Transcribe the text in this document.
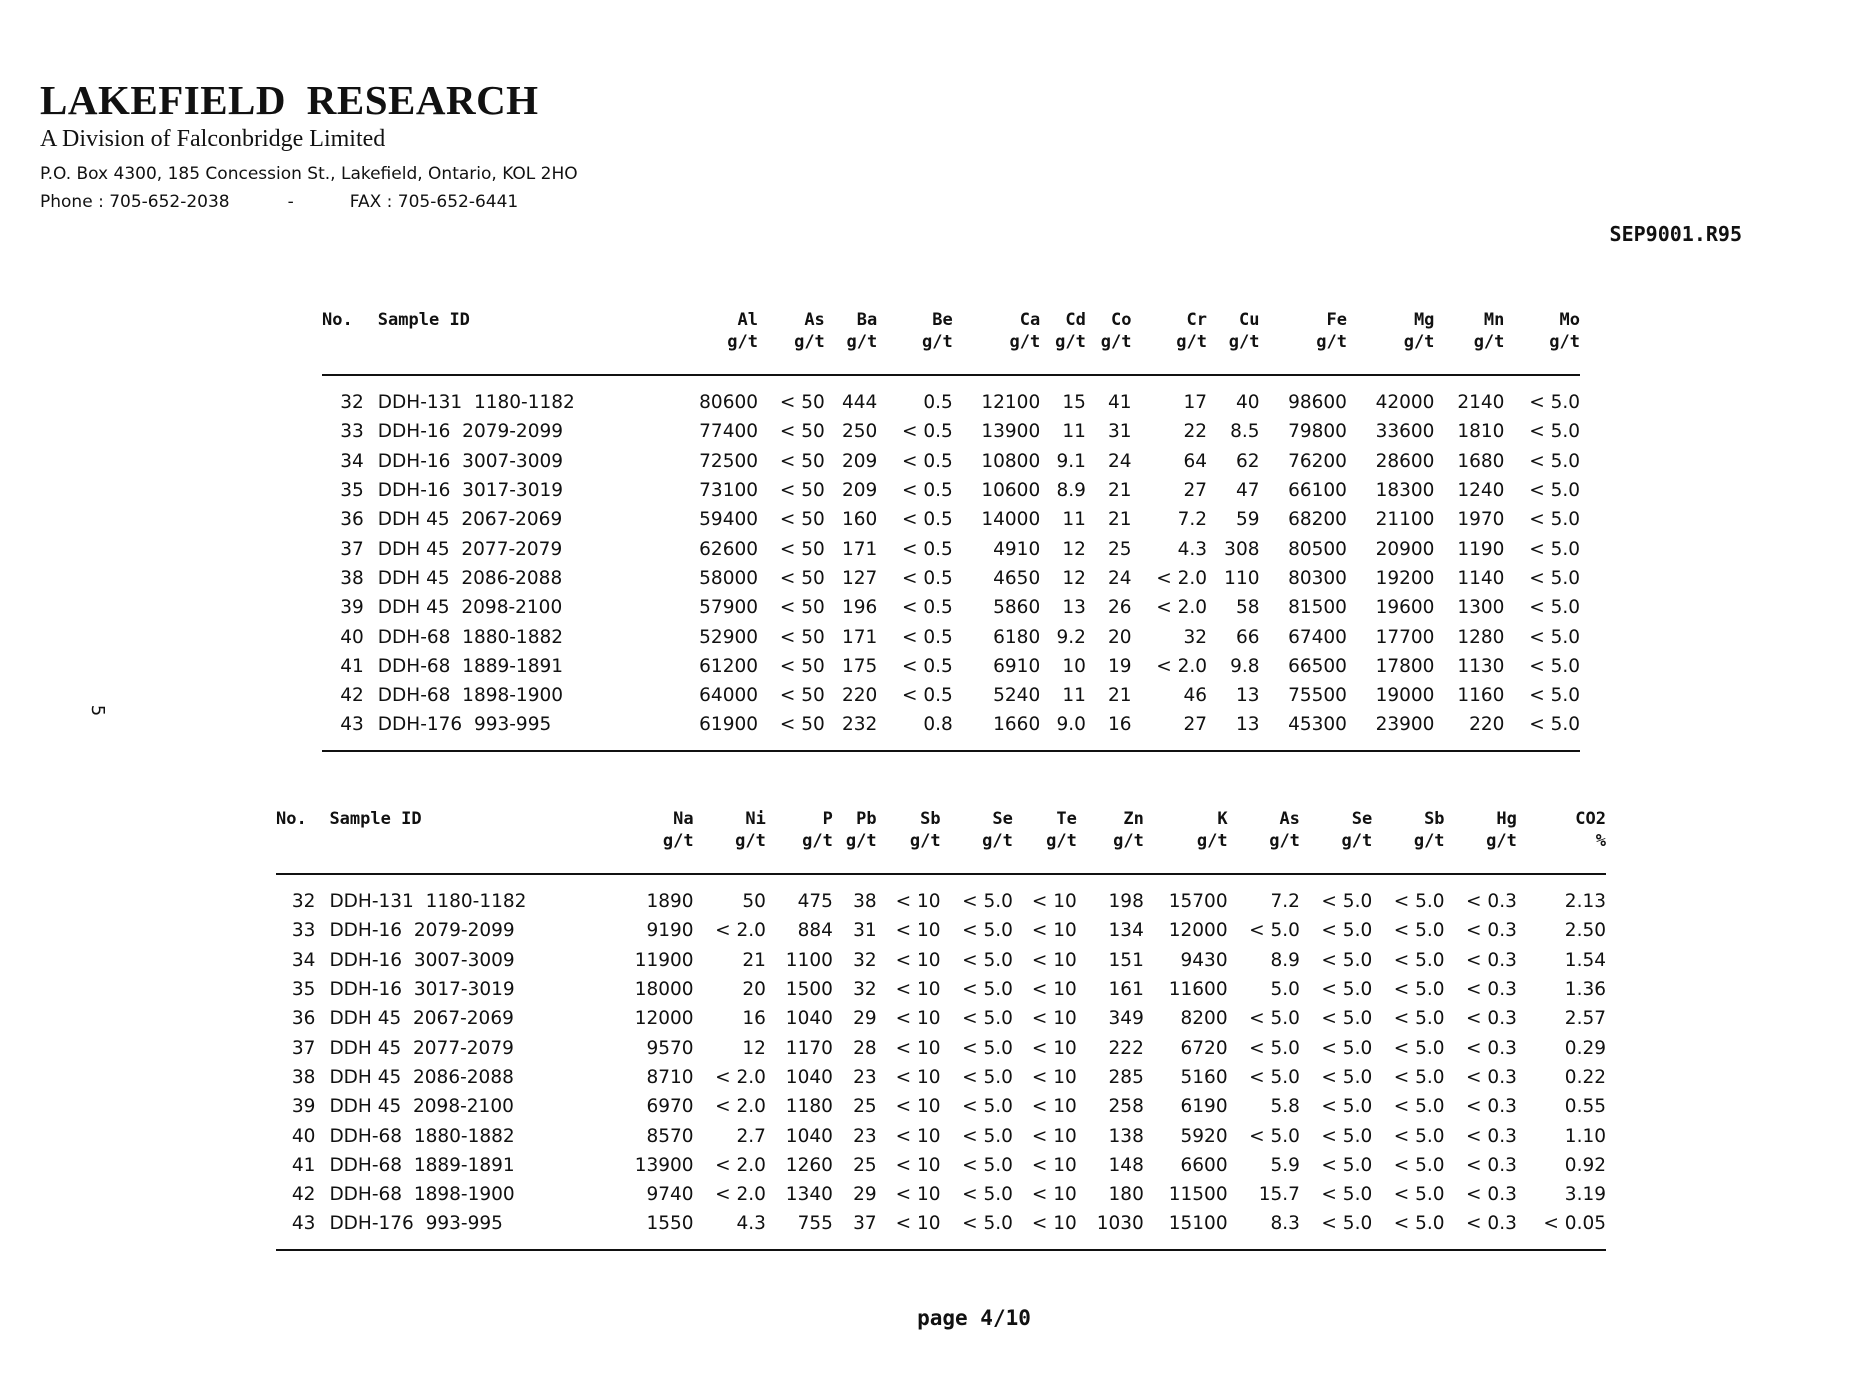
LAKEFIELD RESEARCH

A Division of Falconbridge Limited

P.O. Box 4300, 185 Concession St., Lakefield, Ontario, KOL 2HO
Phone : 705-652-2038	-	FAX : 705-652-6441
SEP9001.R95
5
No.	Sample ID	Al	As	Ba	Be	Ca	Cd	Co	Cr	Cu	Fe	Mg	Mn	Mo
		g/t	g/t	g/t	g/t	g/t	g/t	g/t	g/t	g/t	g/t	g/t	g/t	g/t
32	DDH-131  1180-1182	80600	< 50	444	0.5	12100	15	41	17	40	98600	42000	2140	< 5.0
33	DDH-16  2079-2099	77400	< 50	250	< 0.5	13900	11	31	22	8.5	79800	33600	1810	< 5.0
34	DDH-16  3007-3009	72500	< 50	209	< 0.5	10800	9.1	24	64	62	76200	28600	1680	< 5.0
35	DDH-16  3017-3019	73100	< 50	209	< 0.5	10600	8.9	21	27	47	66100	18300	1240	< 5.0
36	DDH 45  2067-2069	59400	< 50	160	< 0.5	14000	11	21	7.2	59	68200	21100	1970	< 5.0
37	DDH 45  2077-2079	62600	< 50	171	< 0.5	4910	12	25	4.3	308	80500	20900	1190	< 5.0
38	DDH 45  2086-2088	58000	< 50	127	< 0.5	4650	12	24	< 2.0	110	80300	19200	1140	< 5.0
39	DDH 45  2098-2100	57900	< 50	196	< 0.5	5860	13	26	< 2.0	58	81500	19600	1300	< 5.0
40	DDH-68  1880-1882	52900	< 50	171	< 0.5	6180	9.2	20	32	66	67400	17700	1280	< 5.0
41	DDH-68  1889-1891	61200	< 50	175	< 0.5	6910	10	19	< 2.0	9.8	66500	17800	1130	< 5.0
42	DDH-68  1898-1900	64000	< 50	220	< 0.5	5240	11	21	46	13	75500	19000	1160	< 5.0
43	DDH-176  993-995	61900	< 50	232	0.8	1660	9.0	16	27	13	45300	23900	220	< 5.0
No.	Sample ID	Na	Ni	P	Pb	Sb	Se	Te	Zn	K	As	Se	Sb	Hg	CO2
		g/t	g/t	g/t	g/t	g/t	g/t	g/t	g/t	g/t	g/t	g/t	g/t	g/t	%
32	DDH-131  1180-1182	1890	50	475	38	< 10	< 5.0	< 10	198	15700	7.2	< 5.0	< 5.0	< 0.3	2.13
33	DDH-16  2079-2099	9190	< 2.0	884	31	< 10	< 5.0	< 10	134	12000	< 5.0	< 5.0	< 5.0	< 0.3	2.50
34	DDH-16  3007-3009	11900	21	1100	32	< 10	< 5.0	< 10	151	9430	8.9	< 5.0	< 5.0	< 0.3	1.54
35	DDH-16  3017-3019	18000	20	1500	32	< 10	< 5.0	< 10	161	11600	5.0	< 5.0	< 5.0	< 0.3	1.36
36	DDH 45  2067-2069	12000	16	1040	29	< 10	< 5.0	< 10	349	8200	< 5.0	< 5.0	< 5.0	< 0.3	2.57
37	DDH 45  2077-2079	9570	12	1170	28	< 10	< 5.0	< 10	222	6720	< 5.0	< 5.0	< 5.0	< 0.3	0.29
38	DDH 45  2086-2088	8710	< 2.0	1040	23	< 10	< 5.0	< 10	285	5160	< 5.0	< 5.0	< 5.0	< 0.3	0.22
39	DDH 45  2098-2100	6970	< 2.0	1180	25	< 10	< 5.0	< 10	258	6190	5.8	< 5.0	< 5.0	< 0.3	0.55
40	DDH-68  1880-1882	8570	2.7	1040	23	< 10	< 5.0	< 10	138	5920	< 5.0	< 5.0	< 5.0	< 0.3	1.10
41	DDH-68  1889-1891	13900	< 2.0	1260	25	< 10	< 5.0	< 10	148	6600	5.9	< 5.0	< 5.0	< 0.3	0.92
42	DDH-68  1898-1900	9740	< 2.0	1340	29	< 10	< 5.0	< 10	180	11500	15.7	< 5.0	< 5.0	< 0.3	3.19
43	DDH-176  993-995	1550	4.3	755	37	< 10	< 5.0	< 10	1030	15100	8.3	< 5.0	< 5.0	< 0.3	< 0.05
page 4/10
